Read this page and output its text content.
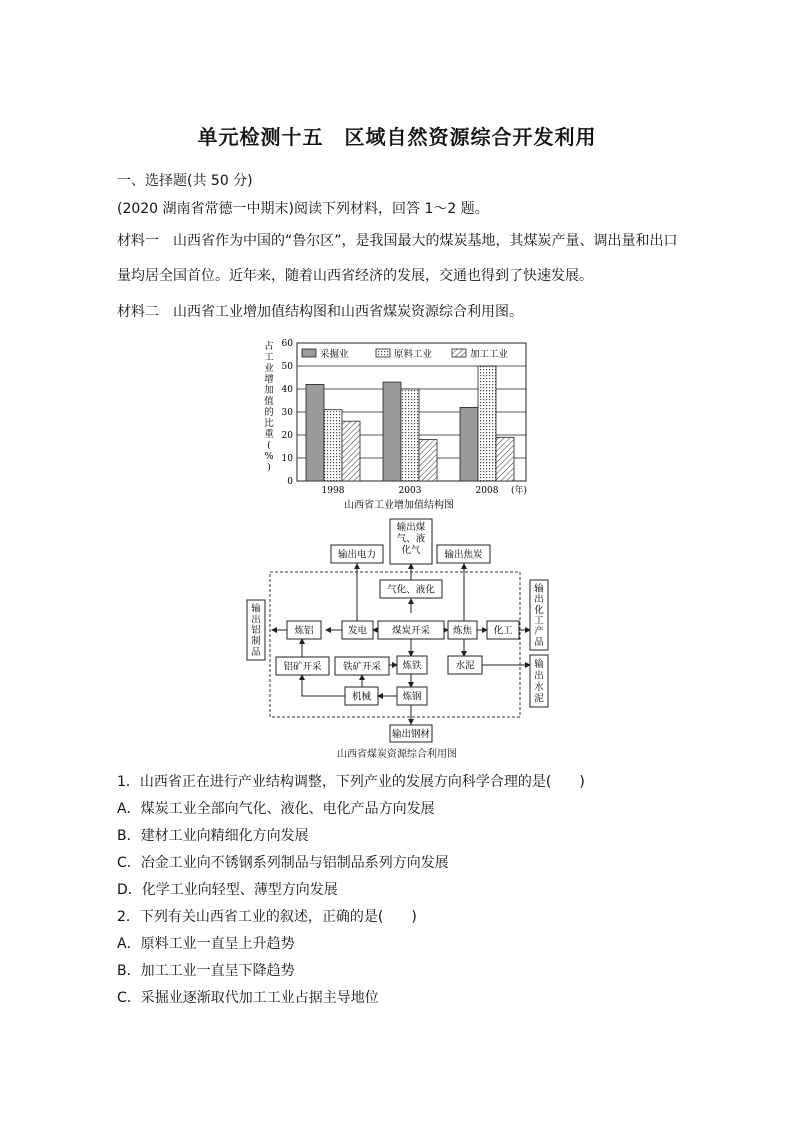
单元检测十五　区域自然资源综合开发利用
一、选择题(共 50 分)
(2020 湖南省常德一中期末)阅读下列材料，回答 1～2 题。
材料一　山西省作为中国的“鲁尔区”，是我国最大的煤炭基地，其煤炭产量、调出量和出口
量均居全国首位。近年来，随着山西省经济的发展，交通也得到了快速发展。
材料二　山西省工业增加值结构图和山西省煤炭资源综合利用图。
占
工
业
增
加
值
的
比
重
(
%
)
0
10
20
30
40
50
60
1998	2003	2008
采掘业	原料工业	加工工业
(年)
山西省工业增加值结构图
煤炭开采
气化、液化
发电
炼铝	炼焦 化工
铝矿开采 铁矿开采 炼铁	水泥
机械	炼钢
输出电力
输出煤
气、液
化气	输出焦炭
输
出
铝
制
品
输
出
化
工
产
品
输
出
水
泥
输出钢材
山西省煤炭资源综合利用图
1．山西省正在进行产业结构调整，下列产业的发展方向科学合理的是(　　)
A．煤炭工业全部向气化、液化、电化产品方向发展
B．建材工业向精细化方向发展
C．冶金工业向不锈钢系列制品与铝制品系列方向发展
D．化学工业向轻型、薄型方向发展
2．下列有关山西省工业的叙述，正确的是(　　)
A．原料工业一直呈上升趋势
B．加工工业一直呈下降趋势
C．采掘业逐渐取代加工工业占据主导地位
